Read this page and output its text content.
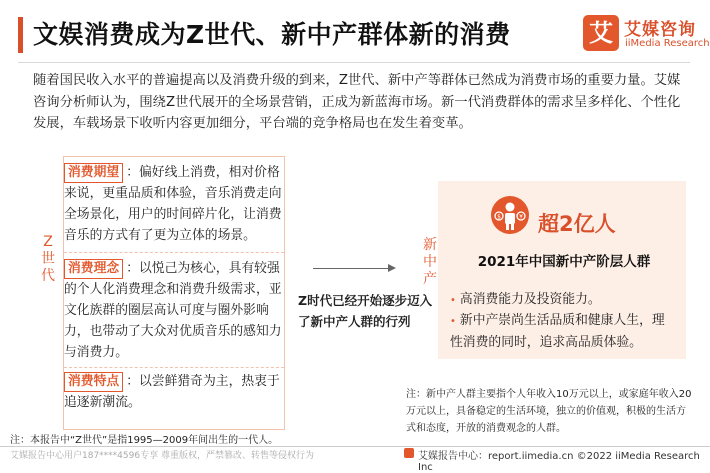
文娱消费成为Z世代、新中产群体新的消费	艾 艾媒咨询
iiMedia Research
随着国民收入水平的普遍提高以及消费升级的到来，Z世代、新中产等群体已然成为消费市场的重要力量。艾媒咨询分析师认为，围绕Z世代展开的全场景营销，正成为新蓝海市场。新一代消费群体的需求呈多样化、个性化发展，车载场景下收听内容更加细分，平台端的竞争格局也在发生着变革。
Z世代
消费期望 ：偏好线上消费，相对价格来说，更重品质和体验，音乐消费走向全场景化，用户的时间碎片化，让消费音乐的方式有了更为立体的场景。
消费理念 ：以悦己为核心，具有较强的个人化消费理念和消费升级需求，亚文化族群的圈层高认可度与圈外影响力，也带动了大众对优质音乐的感知力与消费力。
消费特点 ：以尝鲜猎奇为主，热衷于追逐新潮流。
Z时代已经开始逐步迈入了新中产人群的行列
新中产
$	¥ 超2亿人
2021年中国新中产阶层人群
• 高消费能力及投资能力。
• 新中产崇尚生活品质和健康人生，理性消费的同时，追求高品质体验。
注：新中产人群主要指个人年收入10万元以上，或家庭年收入20万元以上，具备稳定的生活环境，独立的价值观，积极的生活方式和态度，开放的消费观念的人群。
注：本报告中“Z世代”是指1995—2009年间出生的一代人。
艾媒报告中心用户187****4596专享 尊重版权，严禁篡改、转售等侵权行为	艾媒报告中心：report.iimedia.cn ©2022 iiMedia Research Inc
